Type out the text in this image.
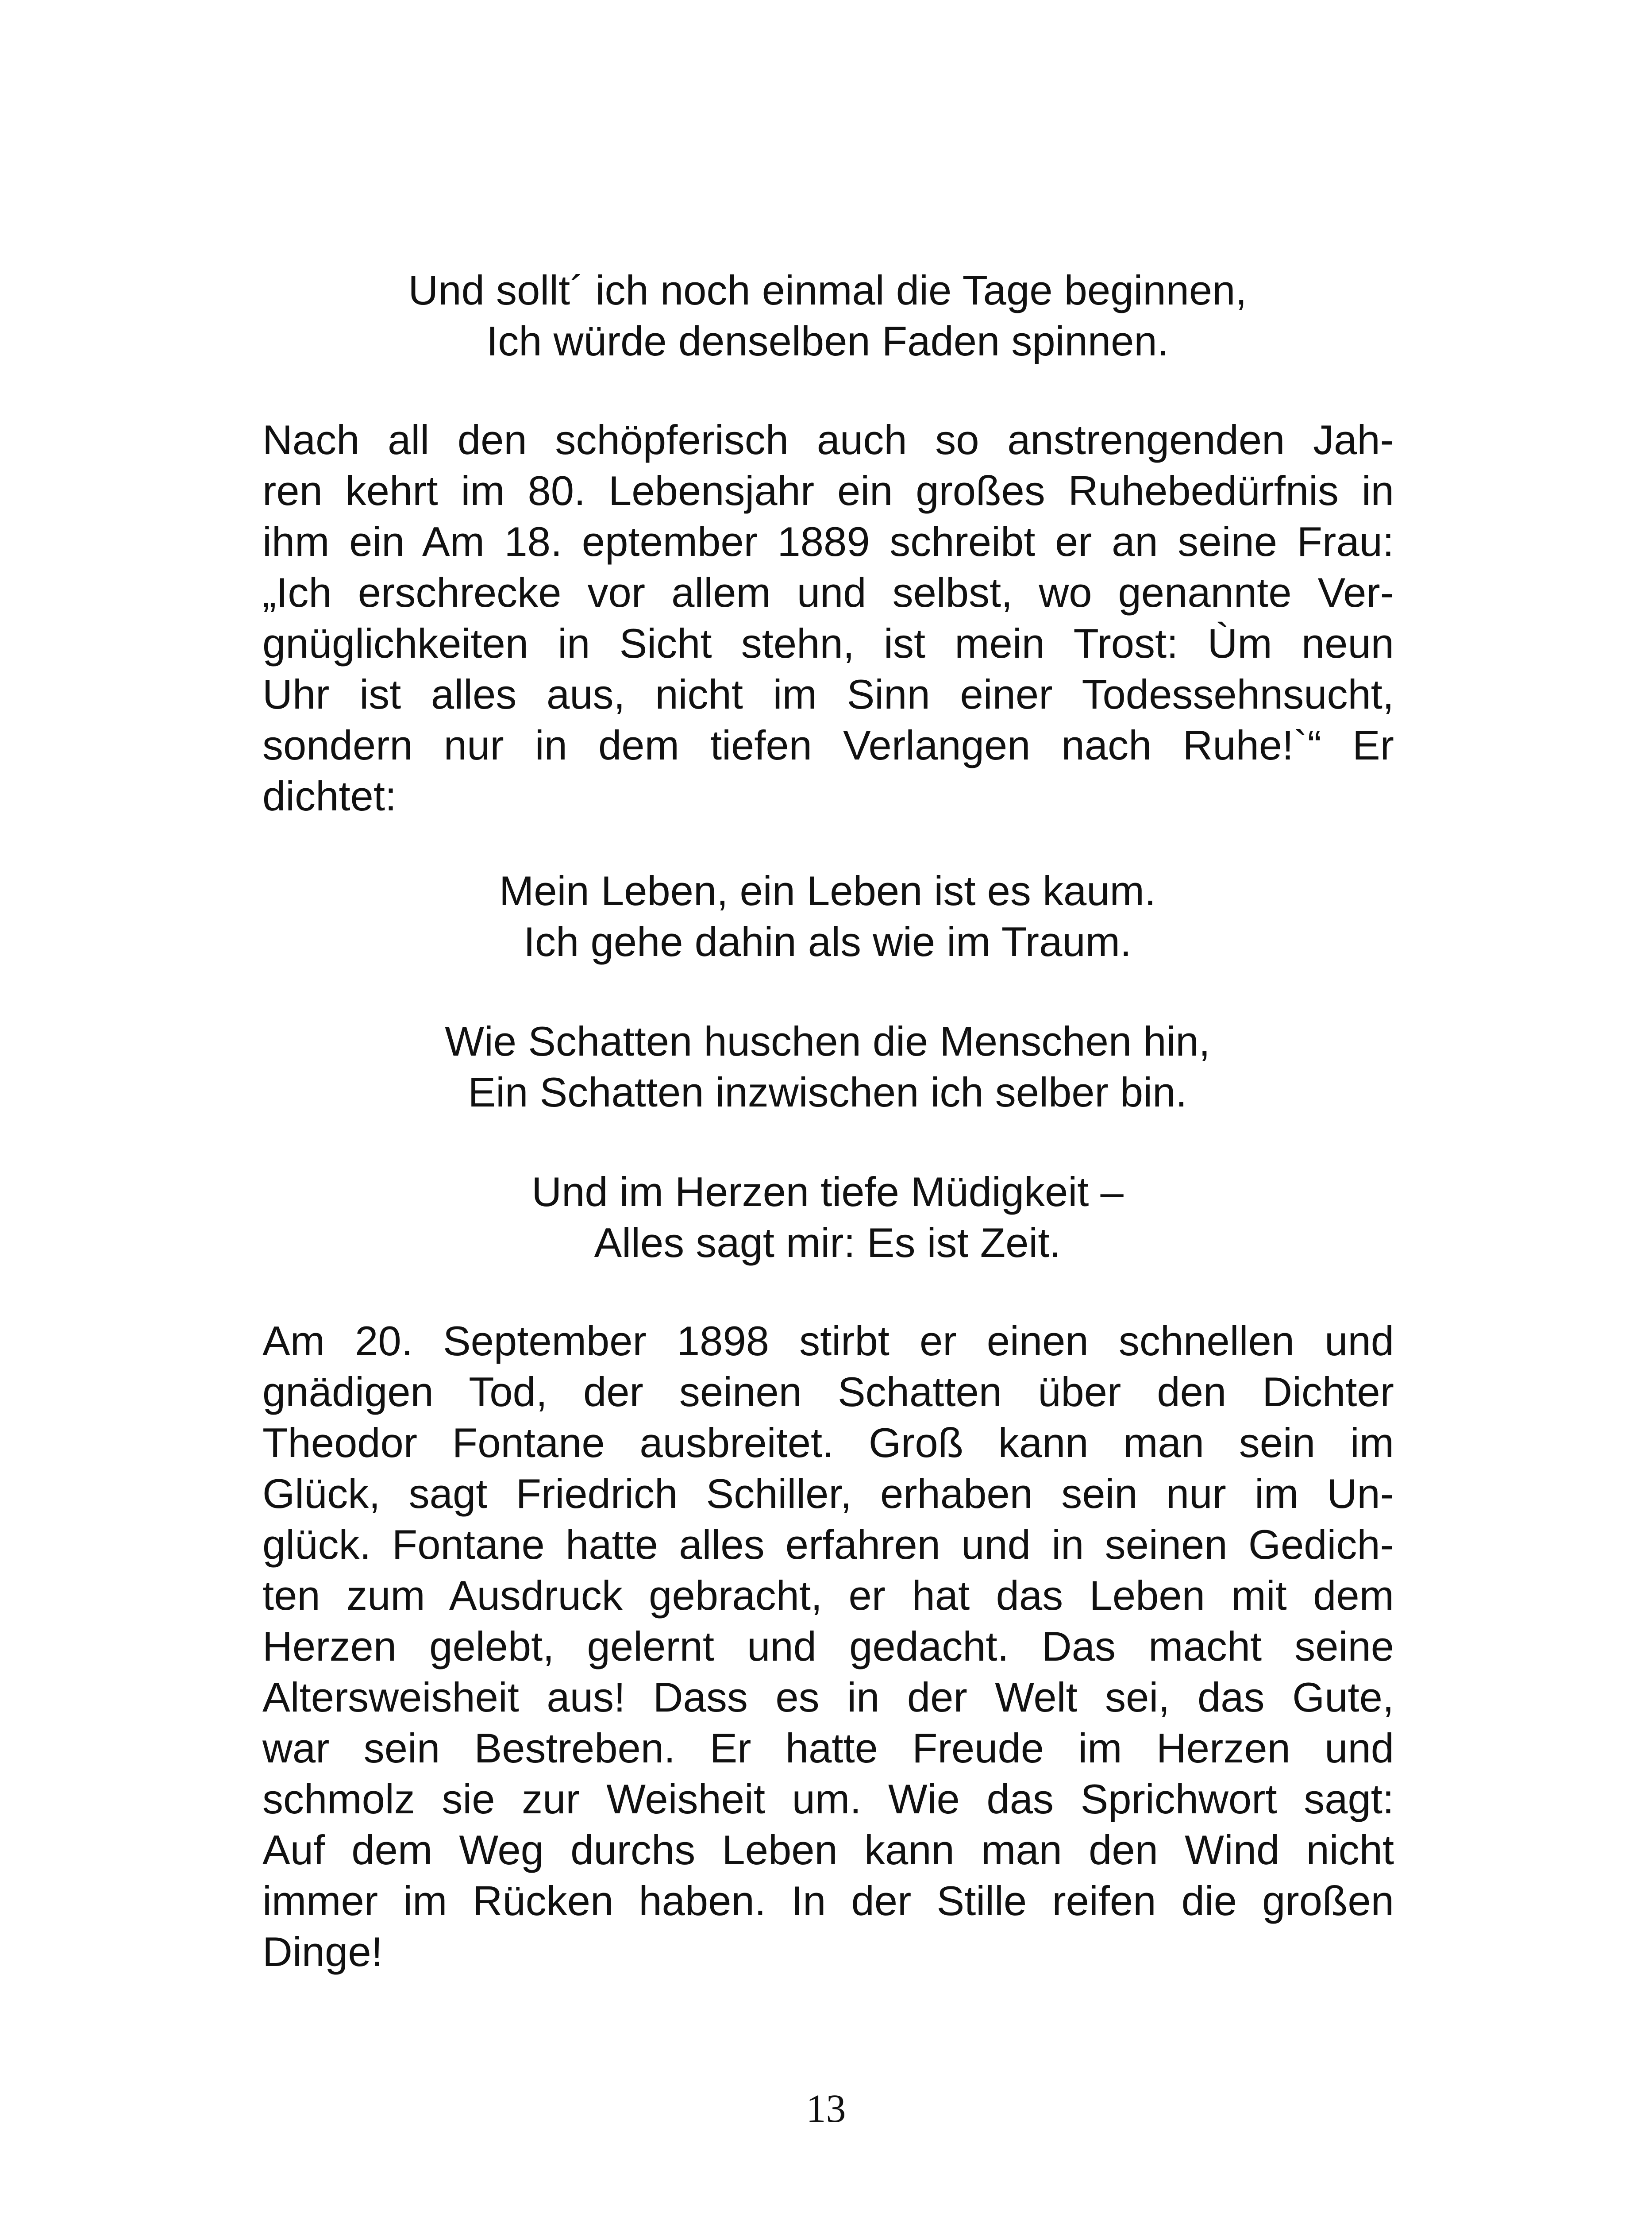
Und sollt´ ich noch einmal die Tage beginnen,
Ich würde denselben Faden spinnen.
Nach all den schöpferisch auch so anstrengenden Jah-
ren kehrt im 80. Lebensjahr ein großes Ruhebedürfnis in
ihm ein Am 18. eptember 1889 schreibt er an seine Frau:
„Ich erschrecke vor allem und selbst, wo genannte Ver-
gnüglichkeiten in Sicht stehn, ist mein Trost: Ùm neun
Uhr ist alles aus, nicht im Sinn einer Todessehnsucht,
sondern nur in dem tiefen Verlangen nach Ruhe!`“ Er
dichtet:
Mein Leben, ein Leben ist es kaum.
Ich gehe dahin als wie im Traum.
Wie Schatten huschen die Menschen hin,
Ein Schatten inzwischen ich selber bin.
Und im Herzen tiefe Müdigkeit –
Alles sagt mir: Es ist Zeit.
Am 20. September 1898 stirbt er einen schnellen und
gnädigen Tod, der seinen Schatten über den Dichter
Theodor Fontane ausbreitet. Groß kann man sein im
Glück, sagt Friedrich Schiller, erhaben sein nur im Un-
glück. Fontane hatte alles erfahren und in seinen Gedich-
ten zum Ausdruck gebracht, er hat das Leben mit dem
Herzen gelebt, gelernt und gedacht. Das macht seine
Altersweisheit aus! Dass es in der Welt sei, das Gute,
war sein Bestreben. Er hatte Freude im Herzen und
schmolz sie zur Weisheit um. Wie das Sprichwort sagt:
Auf dem Weg durchs Leben kann man den Wind nicht
immer im Rücken haben. In der Stille reifen die großen
Dinge!
13
